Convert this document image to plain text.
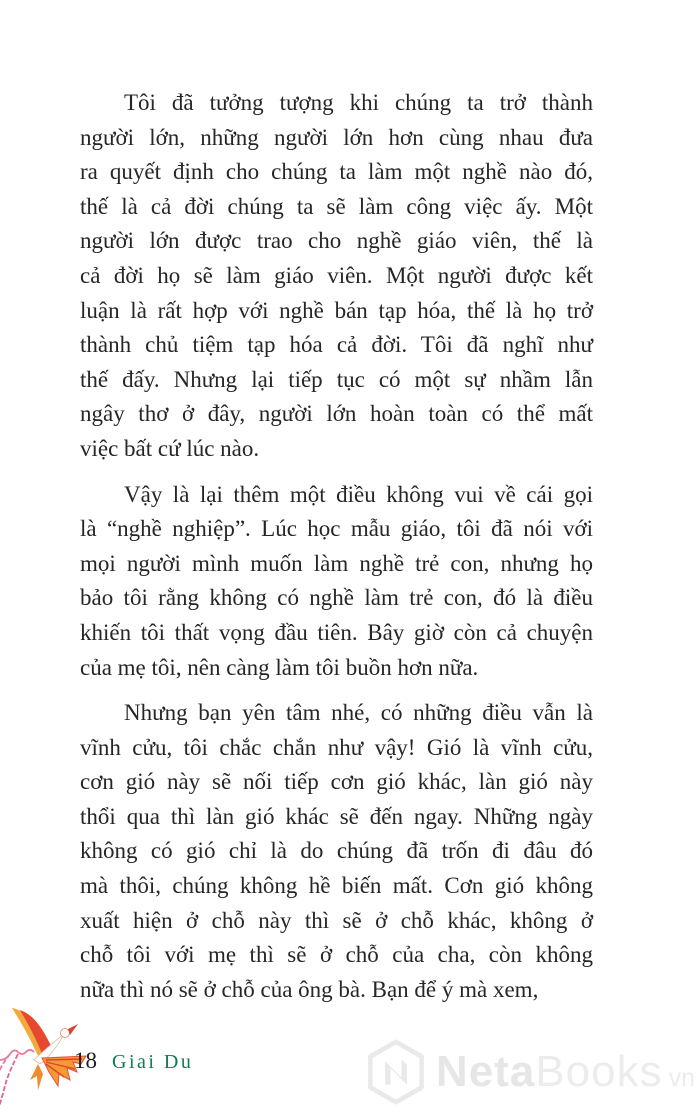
Tôi đã tưởng tượng khi chúng ta trở thành
người lớn, những người lớn hơn cùng nhau đưa
ra quyết định cho chúng ta làm một nghề nào đó,
thế là cả đời chúng ta sẽ làm công việc ấy. Một
người lớn được trao cho nghề giáo viên, thế là
cả đời họ sẽ làm giáo viên. Một người được kết
luận là rất hợp với nghề bán tạp hóa, thế là họ trở
thành chủ tiệm tạp hóa cả đời. Tôi đã nghĩ như
thế đấy. Nhưng lại tiếp tục có một sự nhầm lẫn
ngây thơ ở đây, người lớn hoàn toàn có thể mất
việc bất cứ lúc nào.
Vậy là lại thêm một điều không vui về cái gọi
là “nghề nghiệp”. Lúc học mẫu giáo, tôi đã nói với
mọi người mình muốn làm nghề trẻ con, nhưng họ
bảo tôi rằng không có nghề làm trẻ con, đó là điều
khiến tôi thất vọng đầu tiên. Bây giờ còn cả chuyện
của mẹ tôi, nên càng làm tôi buồn hơn nữa.
Nhưng bạn yên tâm nhé, có những điều vẫn là
vĩnh cửu, tôi chắc chắn như vậy! Gió là vĩnh cửu,
cơn gió này sẽ nối tiếp cơn gió khác, làn gió này
thổi qua thì làn gió khác sẽ đến ngay. Những ngày
không có gió chỉ là do chúng đã trốn đi đâu đó
mà thôi, chúng không hề biến mất. Cơn gió không
xuất hiện ở chỗ này thì sẽ ở chỗ khác, không ở
chỗ tôi với mẹ thì sẽ ở chỗ của cha, còn không
nữa thì nó sẽ ở chỗ của ông bà. Bạn để ý mà xem,
18 Giai Du	Neta Books vn
